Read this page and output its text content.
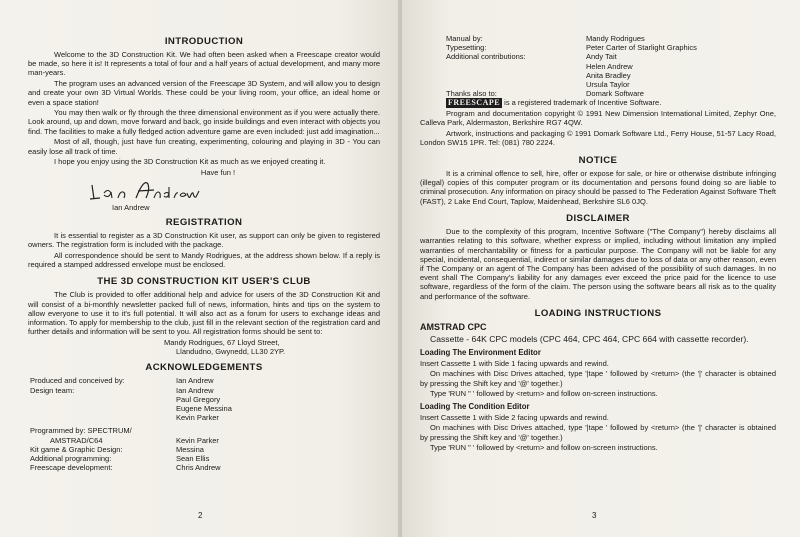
INTRODUCTION

Welcome to the 3D Construction Kit. We had often been asked when a Freescape creator would be made, so here it is! It represents a total of four and a half years of actual development, and many more man-years.

The program uses an advanced version of the Freescape 3D System, and will allow you to design and create your own 3D Virtual Worlds. These could be your living room, your office, an ideal home or even a space station!

You may then walk or fly through the three dimensional environment as if you were actually there. Look around, up and down, move forward and back, go inside buildings and even interact with objects you find. The facilities to make a fully fledged action adventure game are even included: just add imagination...

Most of all, though, just have fun creating, experimenting, colouring and playing in 3D - You can easily lose all track of time.

I hope you enjoy using the 3D Construction Kit as much as we enjoyed creating it.

Have fun !

Ian Andrew
REGISTRATION

It is essential to register as a 3D Construction Kit user, as support can only be given to registered owners. The registration form is included with the package.

All correspondence should be sent to Mandy Rodrigues, at the address shown below. If a reply is required a stamped addressed envelope must be enclosed.

THE 3D CONSTRUCTION KIT USER'S CLUB

The Club is provided to offer additional help and advice for users of the 3D Construction Kit and will consist of a bi-monthly newsletter packed full of news, information, hints and tips on the system to allow everyone to use it to it's full potential. It will also act as a forum for users to exchange ideas and information. To apply for membership to the club, just fill in the relevant section of the registration card and further details and information will be sent to you. All registration forms should be sent to:

Mandy Rodrigues, 67 Lloyd Street,
Llandudno, Gwynedd, LL30 2YP.
ACKNOWLEDGEMENTS
Produced and conceived by:	Ian Andrew
Design team:	Ian Andrew
Paul Gregory
Eugene Messina
Kevin Parker

Programmed by: SPECTRUM/	
AMSTRAD/C64	Kevin Parker
Kit game & Graphic Design:	Messina
Additional programming:	Sean Ellis
Freescape development:	Chris Andrew
2
Manual by:	Mandy Rodrigues
Typesetting:	Peter Carter of Starlight Graphics
Additional contributions:	Andy Tait
Helen Andrew
Anita Bradley
Ursula Taylor

Thanks also to:	Domark Software

FREESCAPE is a registered trademark of Incentive Software.

Program and documentation copyright © 1991 New Dimension International Limited, Zephyr One, Calleva Park, Aldermaston, Berkshire RG7 4QW.

Artwork, instructions and packaging © 1991 Domark Software Ltd., Ferry House, 51-57 Lacy Road, London SW15 1PR. Tel: (081) 780 2224.

NOTICE

It is a criminal offence to sell, hire, offer or expose for sale, or hire or otherwise distribute infringing (illegal) copies of this computer program or its documentation and persons found doing so are liable to criminal prosecution. Any information on piracy should be passed to The Federation Against Software Theft (FAST), 2 Lake End Court, Taplow, Maidenhead, Berkshire SL6 0JQ.

DISCLAIMER

Due to the complexity of this program, Incentive Software ("The Company") hereby disclaims all warranties relating to this software, whether express or implied, including without limitation any implied warranties of merchantability or fitness for a particular purpose. The Company will not be liable for any special, incidental, consequential, indirect or similar damages due to loss of data or any other reason, even if The Company or an agent of The Company has been advised of the possibility of such damages. In no event shall The Company's liability for any damages ever exceed the price paid for the licence to use software, regardless of the form of the claim. The person using the software bears all risk as to the quality and performance of the software.

LOADING INSTRUCTIONS
AMSTRAD CPC

Cassette - 64K CPC models (CPC 464, CPC 464, CPC 664 with cassette recorder).

Loading The Environment Editor

Insert Cassette 1 with Side 1 facing upwards and rewind.

On machines with Disc Drives attached, type '|tape ' followed by <return> (the '|' character is obtained by pressing the Shift key and '@' together.)

Type 'RUN " ' followed by <return> and follow on-screen instructions.

Loading The Condition Editor

Insert Cassette 1 with Side 2 facing upwards and rewind.

On machines with Disc Drives attached, type '|tape ' followed by <return> (the '|' character is obtained by pressing the Shift key and '@' together.)

Type 'RUN " ' followed by <return> and follow on-screen instructions.

3
